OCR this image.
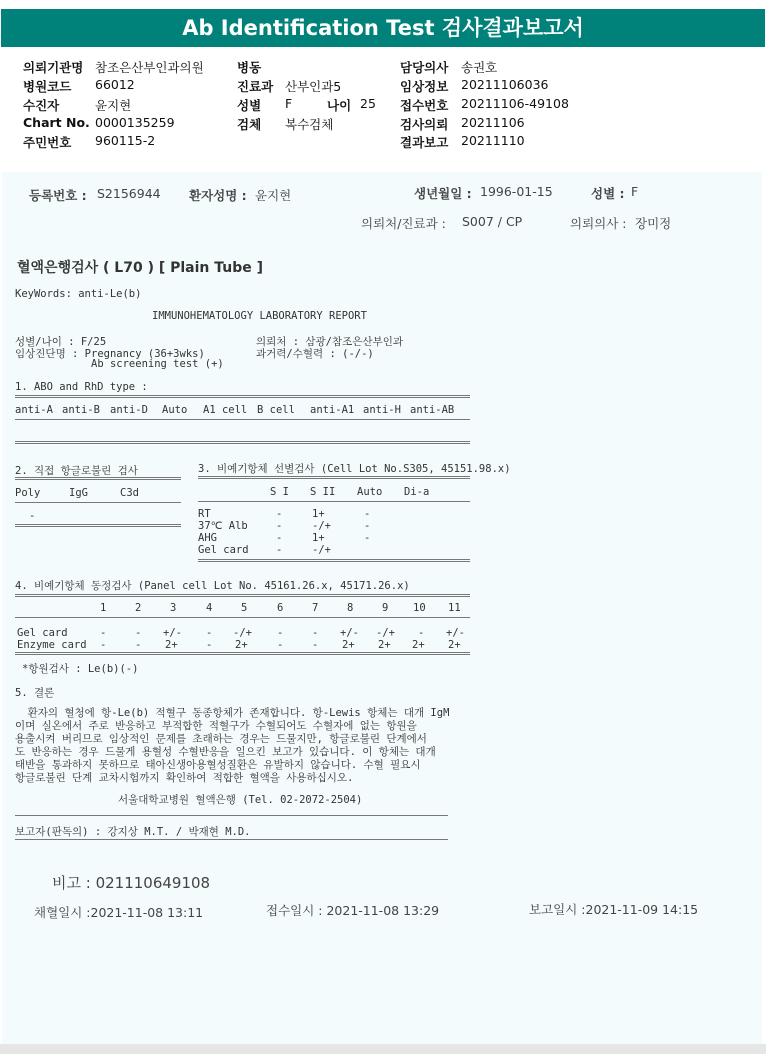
Ab Identification Test 검사결과보고서
의뢰기관명 참조은산부인과의원	병동	담당의사 송권호
병원코드 66012	진료과 산부인과5	임상정보 20211106036
수진자	윤지현	성별 F	나이 25 접수번호 20211106-49108
Chart No. 0000135259	검체 복수검체	검사의뢰 20211106
주민번호 960115-2	결과보고 20211110
등록번호 : S2156944 환자성명 : 윤지현	생년월일 : 1996-01-15	성별 : F
의뢰처/진료과 : S007 / CP	의뢰의사 : 장미정
혈액은행검사 ( L70 ) [ Plain Tube ]
KeyWords: anti-Le(b)
IMMUNOHEMATOLOGY LABORATORY REPORT
성별/나이 : F/25
임상진단명 : Pregnancy (36+3wks)
Ab screening test (+)
의뢰처 : 삼광/참조은산부인과
과거력/수혈력 : (-/-)
1. ABO and RhD type :
anti-A anti-B anti-D Auto A1 cell B cell anti-A1 anti-H anti-AB
2. 직접 항글로불린 검사
Poly	IgG	C3d
-
3. 비예기항체 선별검사 (Cell Lot No.S305, 45151.98.x)
S I S II Auto Di-a
RT	-	1+	-
37℃ Alb	-	-/+	-
AHG	-	1+	-
Gel card	-	-/+
4. 비예기항체 동정검사 (Panel cell Lot No. 45161.26.x, 45171.26.x)
1	2	3	4	5	6	7	8	9 10 11
Gel card	-	- +/- - -/+ -	- +/- -/+ - +/-
Enzyme card -	- 2+	- 2+	-	- 2+ 2+ 2+ 2+
*항원검사 : Le(b)(-)
5. 결론
환자의 혈청에 항-Le(b) 적혈구 동종항체가 존재합니다. 항-Lewis 항체는 대개 IgM
이며 실온에서 주로 반응하고 부적합한 적혈구가 수혈되어도 수혈자에 없는 항원을
용출시켜 버리므로 임상적인 문제를 초래하는 경우는 드물지만, 항글로불린 단계에서
도 반응하는 경우 드물게 용혈성 수혈반응을 일으킨 보고가 있습니다. 이 항체는 대개
태반을 통과하지 못하므로 태아신생아용혈성질환은 유발하지 않습니다. 수혈 필요시
항글로불린 단계 교차시험까지 확인하여 적합한 혈액을 사용하십시오.
서울대학교병원 혈액은행 (Tel. 02-2072-2504)
보고자(판독의) : 강지상 M.T. / 박재현 M.D.
비고 : 021110649108
채혈일시 :2021-11-08 13:11	접수일시 : 2021-11-08 13:29	보고일시 :2021-11-09 14:15
